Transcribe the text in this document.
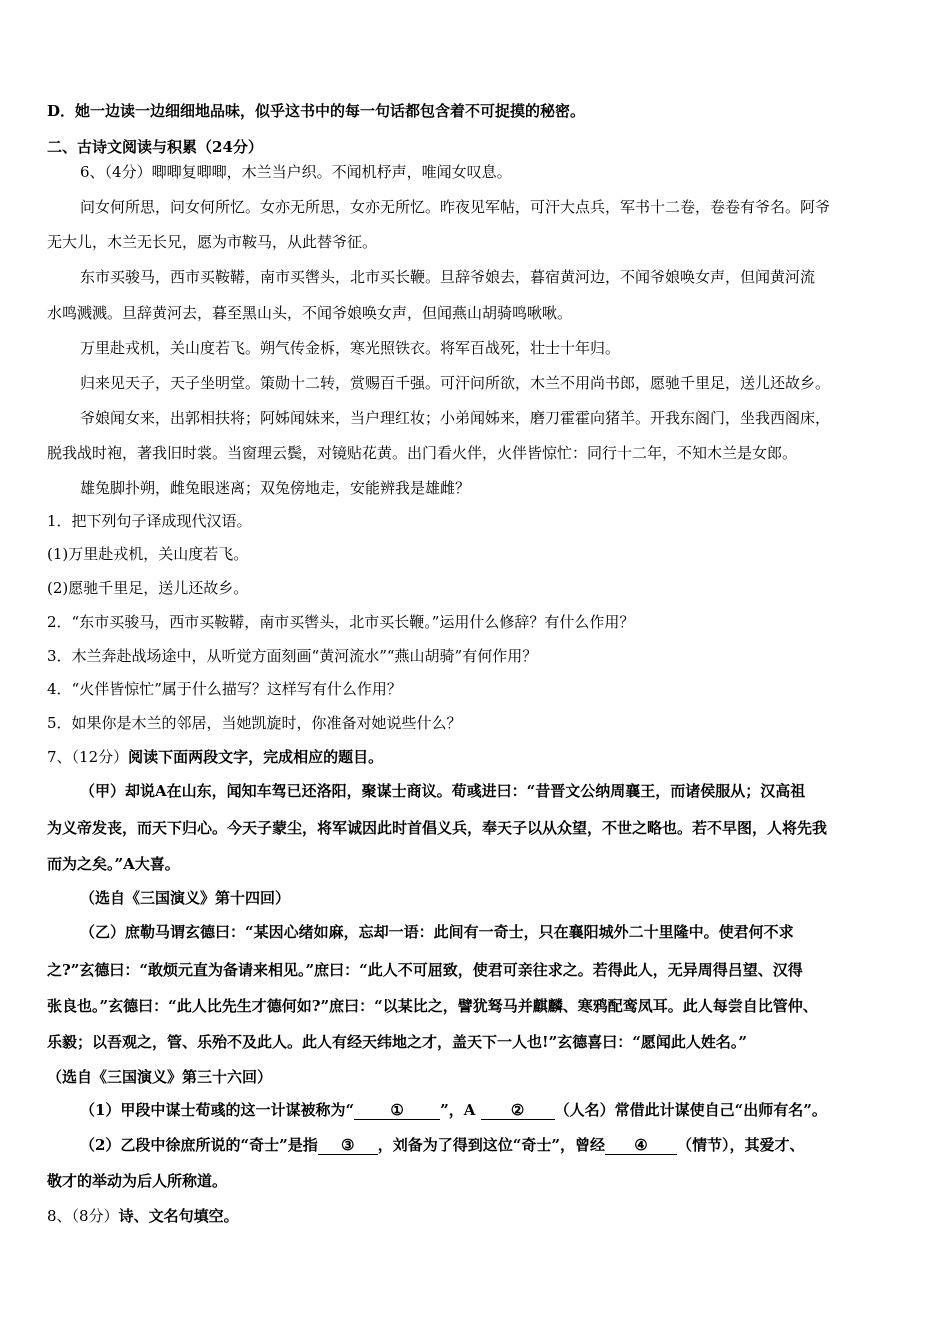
D．她一边读一边细细地品味，似乎这书中的每一句话都包含着不可捉摸的秘密。
二、古诗文阅读与积累（24分）
6、（4分）唧唧复唧唧，木兰当户织。不闻机杼声，唯闻女叹息。
问女何所思，问女何所忆。女亦无所思，女亦无所忆。昨夜见军帖，可汗大点兵，军书十二卷，卷卷有爷名。阿爷
无大儿，木兰无长兄，愿为市鞍马，从此替爷征。
东市买骏马，西市买鞍鞯，南市买辔头，北市买长鞭。旦辞爷娘去，暮宿黄河边，不闻爷娘唤女声，但闻黄河流
水鸣溅溅。旦辞黄河去，暮至黑山头，不闻爷娘唤女声，但闻燕山胡骑鸣啾啾。
万里赴戎机，关山度若飞。朔气传金柝，寒光照铁衣。将军百战死，壮士十年归。
归来见天子，天子坐明堂。策勋十二转，赏赐百千强。可汗问所欲，木兰不用尚书郎，愿驰千里足，送儿还故乡。
爷娘闻女来，出郭相扶将；阿姊闻妹来，当户理红妆；小弟闻姊来，磨刀霍霍向猪羊。开我东阁门，坐我西阁床，
脱我战时袍，著我旧时裳。当窗理云鬓，对镜贴花黄。出门看火伴，火伴皆惊忙：同行十二年，不知木兰是女郎。
雄兔脚扑朔，雌兔眼迷离；双兔傍地走，安能辨我是雄雌？
1．把下列句子译成现代汉语。
(1)万里赴戎机，关山度若飞。
(2)愿驰千里足，送儿还故乡。
2．“东市买骏马，西市买鞍鞯，南市买辔头，北市买长鞭。”运用什么修辞？有什么作用？
3．木兰奔赴战场途中，从听觉方面刻画“黄河流水”“燕山胡骑”有何作用？
4．“火伴皆惊忙”属于什么描写？这样写有什么作用？
5．如果你是木兰的邻居，当她凯旋时，你准备对她说些什么？
7、（12分）阅读下面两段文字，完成相应的题目。
（甲）却说A在山东，闻知车驾已还洛阳，聚谋士商议。荀彧进曰：“昔晋文公纳周襄王，而诸侯服从；汉高祖
为义帝发丧，而天下归心。今天子蒙尘，将军诚因此时首倡义兵，奉天子以从众望，不世之略也。若不早图，人将先我
而为之矣。”A大喜。
（选自《三国演义》第十四回）
（乙）庶勒马谓玄德曰：“某因心绪如麻，忘却一语：此间有一奇士，只在襄阳城外二十里隆中。使君何不求
之?”玄德曰：“敢烦元直为备请来相见。”庶曰：“此人不可屈致，使君可亲往求之。若得此人，无异周得吕望、汉得
张良也。”玄德曰：“此人比先生才德何如?”庶曰：“以某比之，譬犹驽马并麒麟、寒鸦配鸾凤耳。此人每尝自比管仲、
乐毅；以吾观之，管、乐殆不及此人。此人有经天纬地之才，盖天下一人也!”玄德喜曰：“愿闻此人姓名。”
（选自《三国演义》第三十六回）
（1）甲段中谋士荀彧的这一计谋被称为“ ① ”，A ② （人名）常借此计谋使自己“出师有名”。
（2）乙段中徐庶所说的“奇士”是指 ③ ，刘备为了得到这位“奇士”，曾经 ④ （情节），其爱才、
敬才的举动为后人所称道。
8、（8分）诗、文名句填空。
